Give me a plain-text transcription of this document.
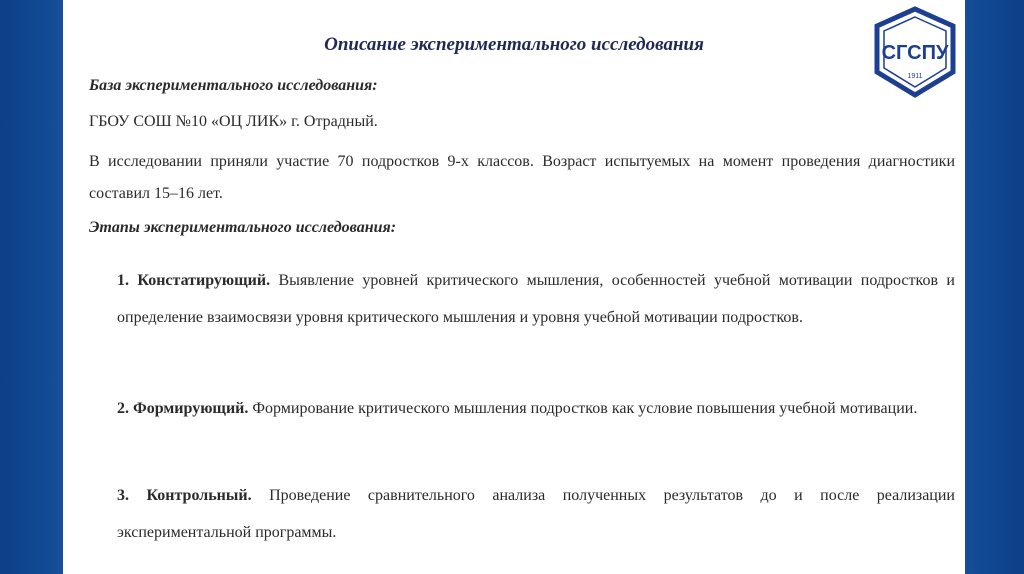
Описание экспериментального исследования	СГСПУ
1911
База экспериментального исследования:
ГБОУ СОШ №10 «ОЦ ЛИК» г. Отрадный.
В исследовании приняли участие 70 подростков 9-х классов. Возраст испытуемых на момент проведения диагностики составил 15–16 лет.
Этапы экспериментального исследования:
1. Констатирующий. Выявление уровней критического мышления, особенностей учебной мотивации подростков и определение взаимосвязи уровня критического мышления и уровня учебной мотивации подростков.
2. Формирующий. Формирование критического мышления подростков как условие повышения учебной мотивации.
3. Контрольный. Проведение сравнительного анализа полученных результатов до и после реализации экспериментальной программы.
